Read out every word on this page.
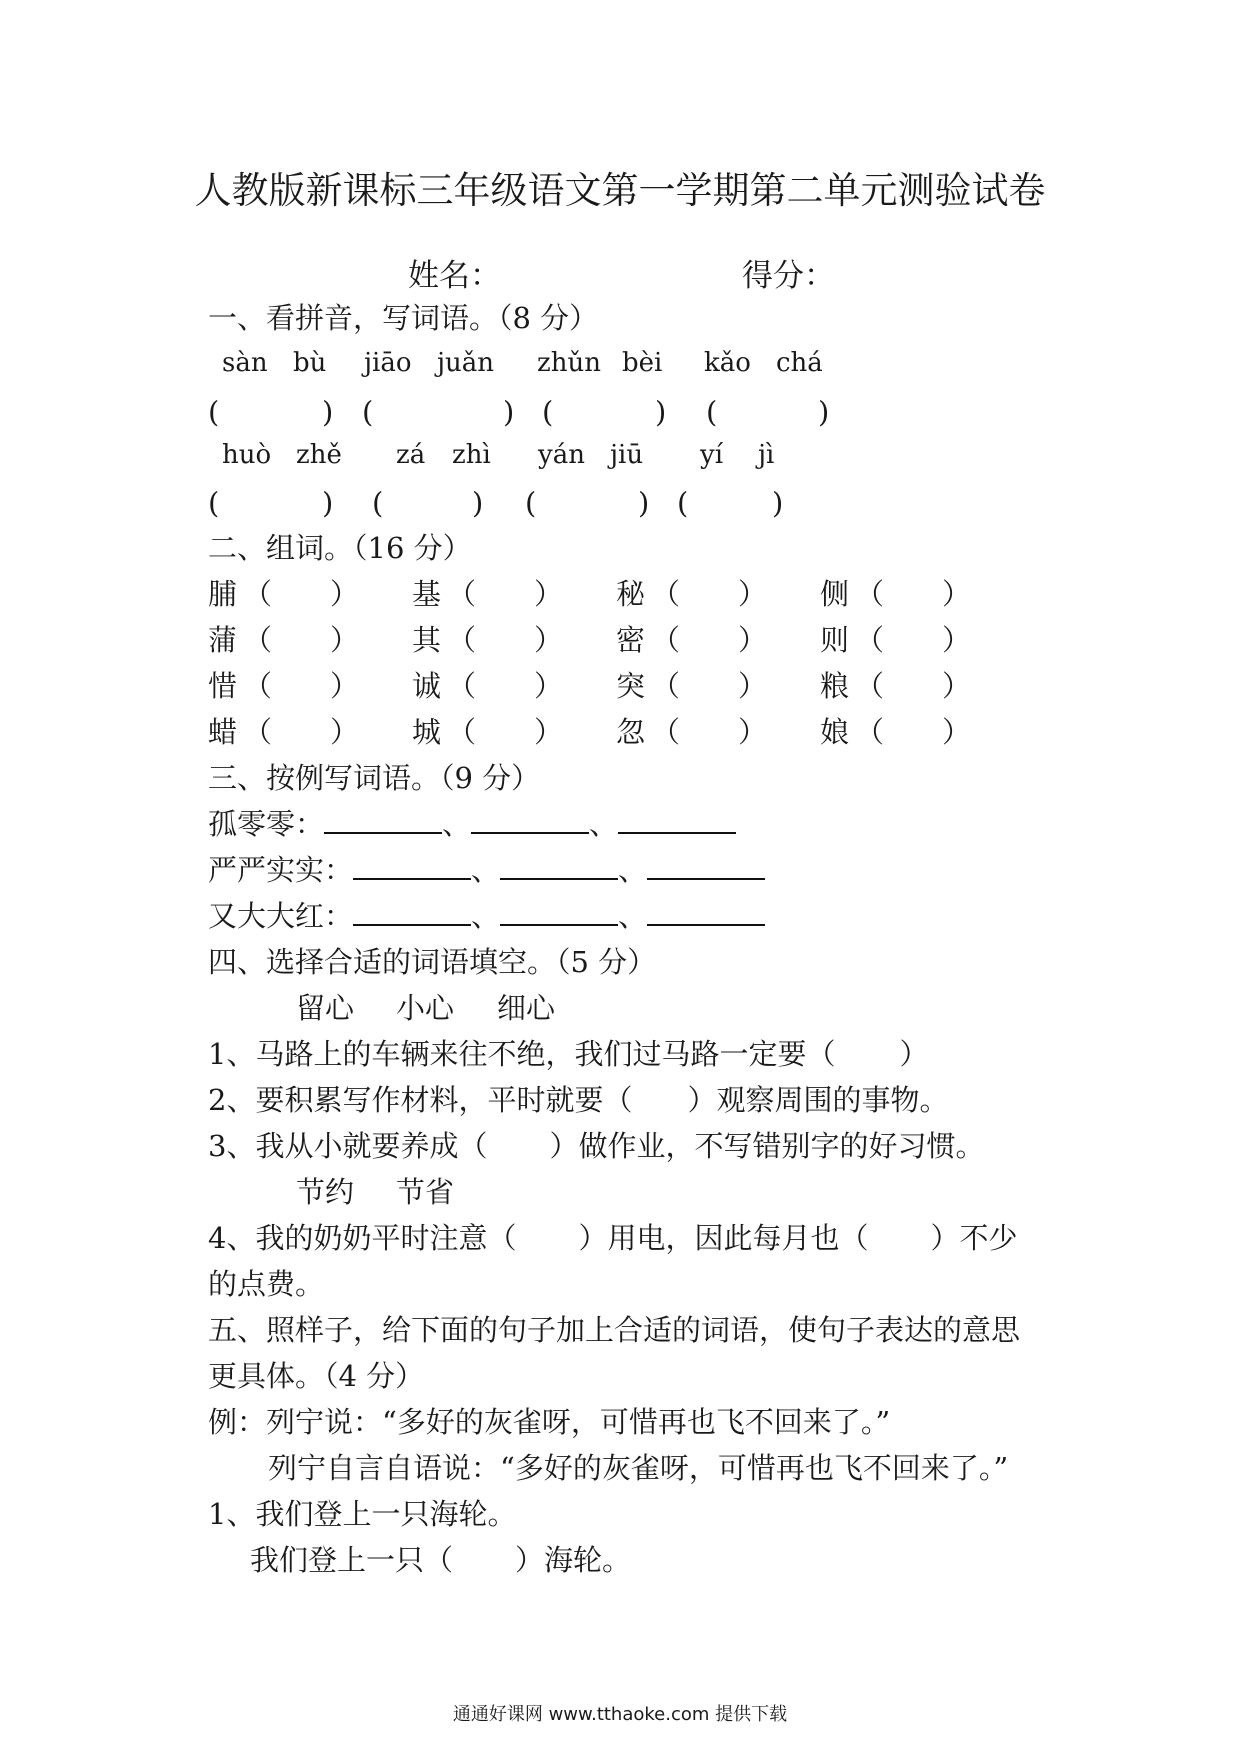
人教版新课标三年级语文第一学期第二单元测验试卷
姓名：	得分：
一、看拼音，写词语。（8 分）
sàn bù jiāo juǎn zhǔn bèi kǎo chá
(	) (	) (	) (	)
huò zhě zá zhì yán jiū yí jì
(	) (	) (	) (	)
二、组词。（16 分）
脯 （ ） 基 （ ） 秘 （ ） 侧 （ ）
蒲 （ ） 其 （ ） 密 （ ） 则 （ ）
惜 （ ） 诚 （ ） 突 （ ） 粮 （ ）
蜡 （ ） 城 （ ） 忽 （ ） 娘 （ ）
三、按例写词语。（9 分）
孤零零：	、	、
严严实实：	、	、
又大大红：	、	、
四、选择合适的词语填空。（5 分）
留心 小心 细心
1、马路上的车辆来往不绝，我们过马路一定要（ ）
2、要积累写作材料，平时就要（ ）观察周围的事物。
3、我从小就要养成（ ）做作业，不写错别字的好习惯。
节约 节省
4、我的奶奶平时注意（ ）用电，因此每月也（ ）不少
的点费。
五、照样子，给下面的句子加上合适的词语，使句子表达的意思
更具体。（4 分）
例：列宁说：“多好的灰雀呀，可惜再也飞不回来了。”
列宁自言自语说：“多好的灰雀呀，可惜再也飞不回来了。”
1、我们登上一只海轮。
我们登上一只（ ）海轮。
通通好课网 www.tthaoke.com 提供下载
